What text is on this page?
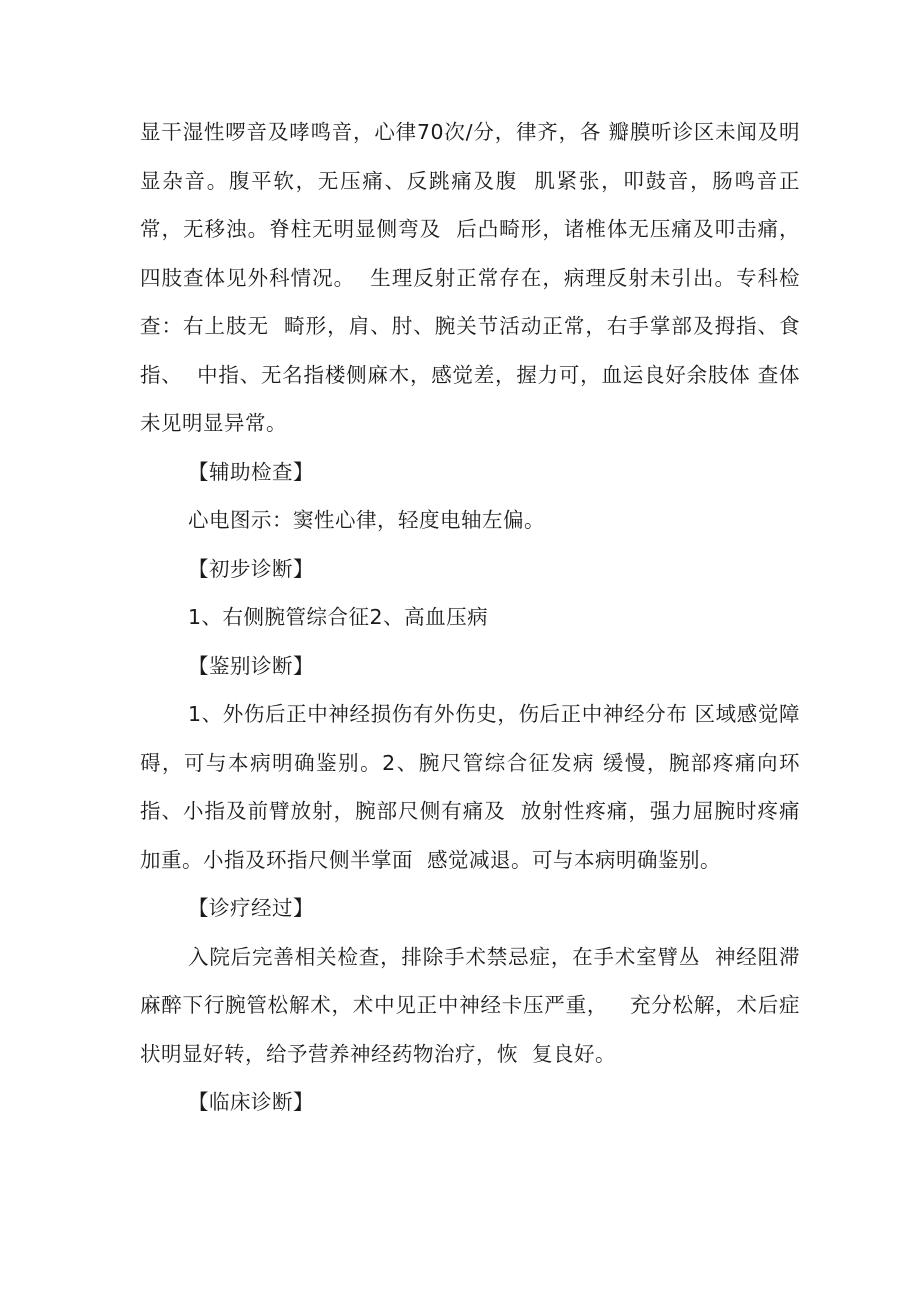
显干湿性啰音及哮鸣音，心律70次/分，律齐，各 瓣膜听诊区未闻及明显杂音。腹平软，无压痛、反跳痛及腹  肌紧张，叩鼓音，肠鸣音正常，无移浊。脊柱无明显侧弯及  后凸畸形，诸椎体无压痛及叩击痛，四肢查体见外科情况。  生理反射正常存在，病理反射未引出。专科检查：右上肢无  畸形，肩、肘、腕关节活动正常，右手掌部及拇指、食指、  中指、无名指楼侧麻木，感觉差，握力可，血运良好余肢体 查体未见明显异常。

【辅助检查】

心电图示：窦性心律，轻度电轴左偏。

【初步诊断】

1、右侧腕管综合征2、高血压病

【鉴别诊断】

1、外伤后正中神经损伤有外伤史，伤后正中神经分布 区域感觉障碍，可与本病明确鉴别。2、腕尺管综合征发病 缓慢，腕部疼痛向环指、小指及前臂放射，腕部尺侧有痛及  放射性疼痛，强力屈腕时疼痛加重。小指及环指尺侧半掌面  感觉减退。可与本病明确鉴别。

【诊疗经过】

入院后完善相关检查，排除手术禁忌症，在手术室臂丛  神经阻滞麻醉下行腕管松解术，术中见正中神经卡压严重，   充分松解，术后症状明显好转，给予营养神经药物治疗，恢  复良好。

【临床诊断】
